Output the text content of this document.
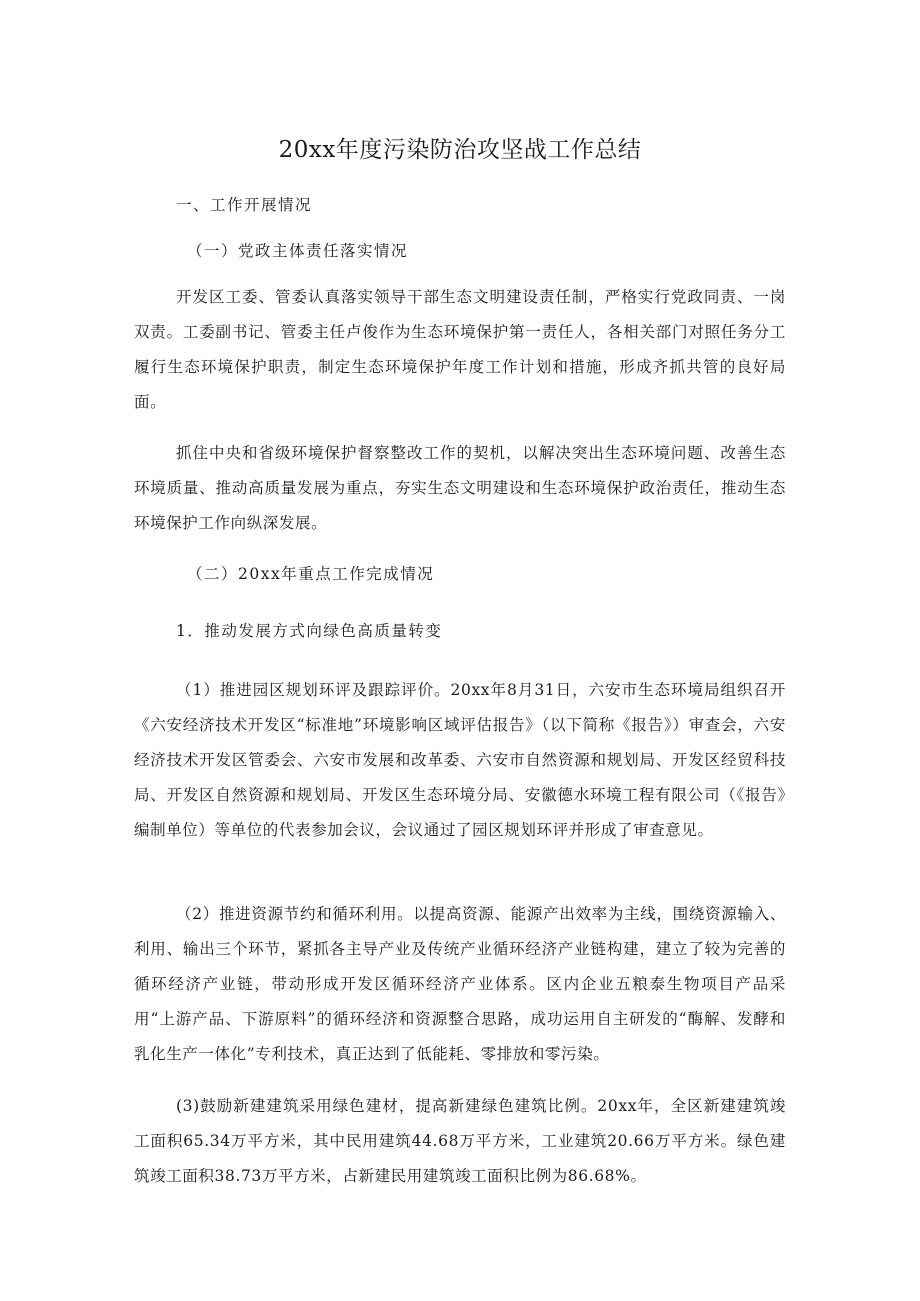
20xx年度污染防治攻坚战工作总结

一、工作开展情况

（一）党政主体责任落实情况

开发区工委、管委认真落实领导干部生态文明建设责任制，严格实行党政同责、一岗双责。工委副书记、管委主任卢俊作为生态环境保护第一责任人，各相关部门对照任务分工履行生态环境保护职责，制定生态环境保护年度工作计划和措施，形成齐抓共管的良好局面。

抓住中央和省级环境保护督察整改工作的契机，以解决突出生态环境问题、改善生态环境质量、推动高质量发展为重点，夯实生态文明建设和生态环境保护政治责任，推动生态环境保护工作向纵深发展。

（二）20xx年重点工作完成情况

1．推动发展方式向绿色高质量转变

（1）推进园区规划环评及跟踪评价。20xx年8月31日，六安市生态环境局组织召开《六安经济技术开发区“标准地”环境影响区域评估报告》（以下简称《报告》）审查会，六安经济技术开发区管委会、六安市发展和改革委、六安市自然资源和规划局、开发区经贸科技局、开发区自然资源和规划局、开发区生态环境分局、安徽德水环境工程有限公司（《报告》编制单位）等单位的代表参加会议，会议通过了园区规划环评并形成了审查意见。

（2）推进资源节约和循环利用。以提高资源、能源产出效率为主线，围绕资源输入、利用、输出三个环节，紧抓各主导产业及传统产业循环经济产业链构建，建立了较为完善的循环经济产业链，带动形成开发区循环经济产业体系。区内企业五粮泰生物项目产品采用“上游产品、下游原料”的循环经济和资源整合思路，成功运用自主研发的“酶解、发酵和乳化生产一体化”专利技术，真正达到了低能耗、零排放和零污染。

(3)鼓励新建建筑采用绿色建材，提高新建绿色建筑比例。20xx年，全区新建建筑竣工面积65.34万平方米，其中民用建筑44.68万平方米，工业建筑20.66万平方米。绿色建筑竣工面积38.73万平方米，占新建民用建筑竣工面积比例为86.68%。
